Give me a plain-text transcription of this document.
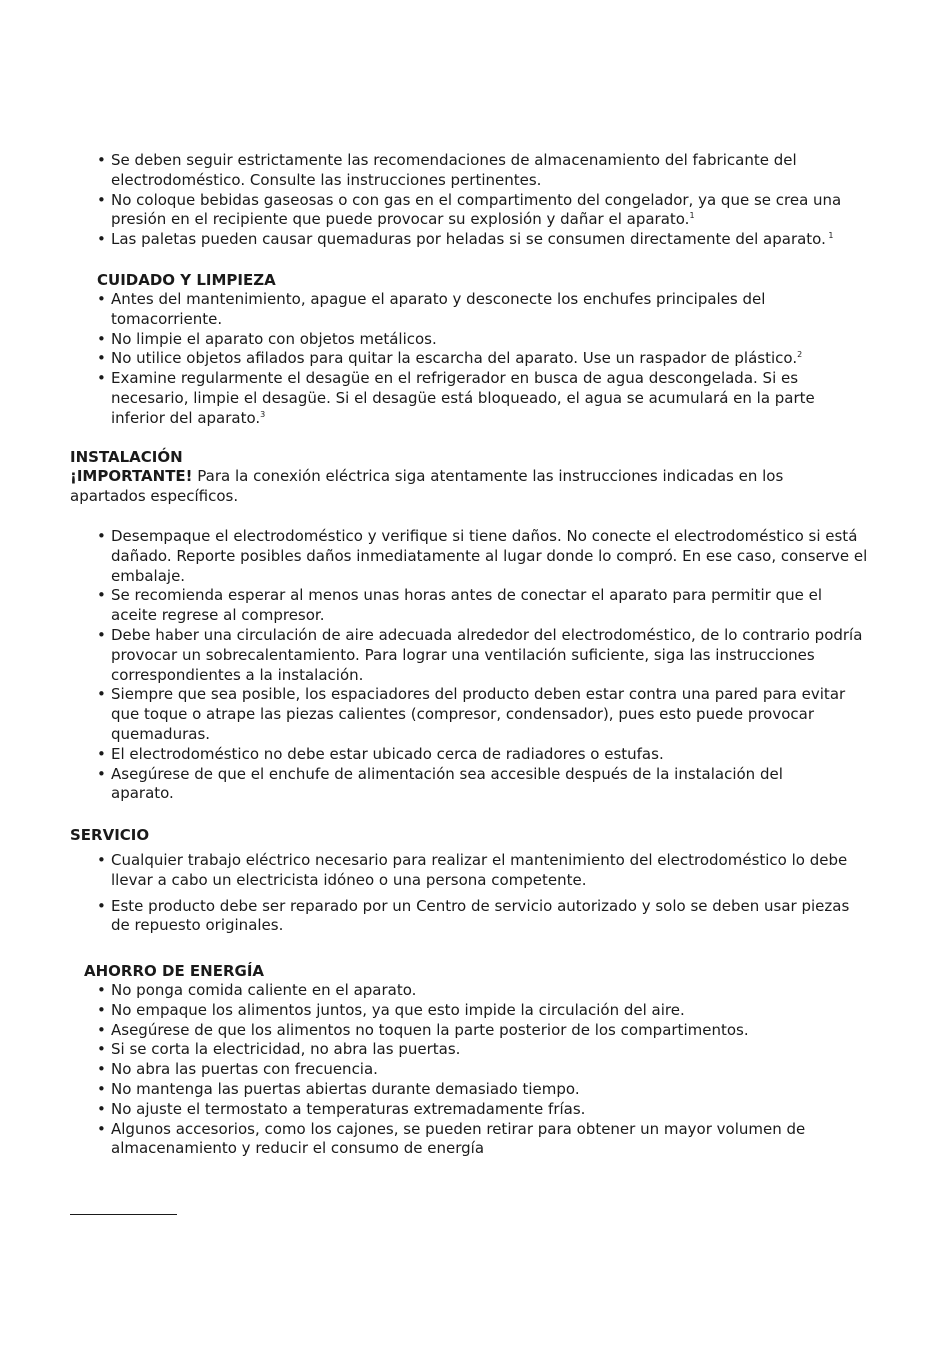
• Se deben seguir estrictamente las recomendaciones de almacenamiento del fabricante del electrodoméstico. Consulte las instrucciones pertinentes.
• No coloque bebidas gaseosas o con gas en el compartimento del congelador, ya que se crea una presión en el recipiente que puede provocar su explosión y dañar el aparato.$^1$
• Las paletas pueden causar quemaduras por heladas si se consumen directamente del aparato. $^1$
CUIDADO Y LIMPIEZA
• Antes del mantenimiento, apague el aparato y desconecte los enchufes principales del tomacorriente.
• No limpie el aparato con objetos metálicos.
• No utilice objetos afilados para quitar la escarcha del aparato. Use un raspador de plástico.$^2$
• Examine regularmente el desagüe en el refrigerador en busca de agua descongelada. Si es necesario, limpie el desagüe. Si el desagüe está bloqueado, el agua se acumulará en la parte inferior del aparato.$^3$
INSTALACIÓN

¡IMPORTANTE! Para la conexión eléctrica siga atentamente las instrucciones indicadas en los apartados específicos.

• Desempaque el electrodoméstico y verifique si tiene daños. No conecte el electrodoméstico si está dañado. Reporte posibles daños inmediatamente al lugar donde lo compró. En ese caso, conserve el embalaje.
• Se recomienda esperar al menos unas horas antes de conectar el aparato para permitir que el aceite regrese al compresor.
• Debe haber una circulación de aire adecuada alrededor del electrodoméstico, de lo contrario podría provocar un sobrecalentamiento. Para lograr una ventilación suficiente, siga las instrucciones correspondientes a la instalación.
• Siempre que sea posible, los espaciadores del producto deben estar contra una pared para evitar que toque o atrape las piezas calientes (compresor, condensador), pues esto puede provocar quemaduras.
• El electrodoméstico no debe estar ubicado cerca de radiadores o estufas.
• Asegúrese de que el enchufe de alimentación sea accesible después de la instalación del aparato.
SERVICIO
• Cualquier trabajo eléctrico necesario para realizar el mantenimiento del electrodoméstico lo debe llevar a cabo un electricista idóneo o una persona competente.
• Este producto debe ser reparado por un Centro de servicio autorizado y solo se deben usar piezas de repuesto originales.
AHORRO DE ENERGÍA
• No ponga comida caliente en el aparato.
• No empaque los alimentos juntos, ya que esto impide la circulación del aire.
• Asegúrese de que los alimentos no toquen la parte posterior de los compartimentos.
• Si se corta la electricidad, no abra las puertas.
• No abra las puertas con frecuencia.
• No mantenga las puertas abiertas durante demasiado tiempo.
• No ajuste el termostato a temperaturas extremadamente frías.
• Algunos accesorios, como los cajones, se pueden retirar para obtener un mayor volumen de almacenamiento y reducir el consumo de energía
